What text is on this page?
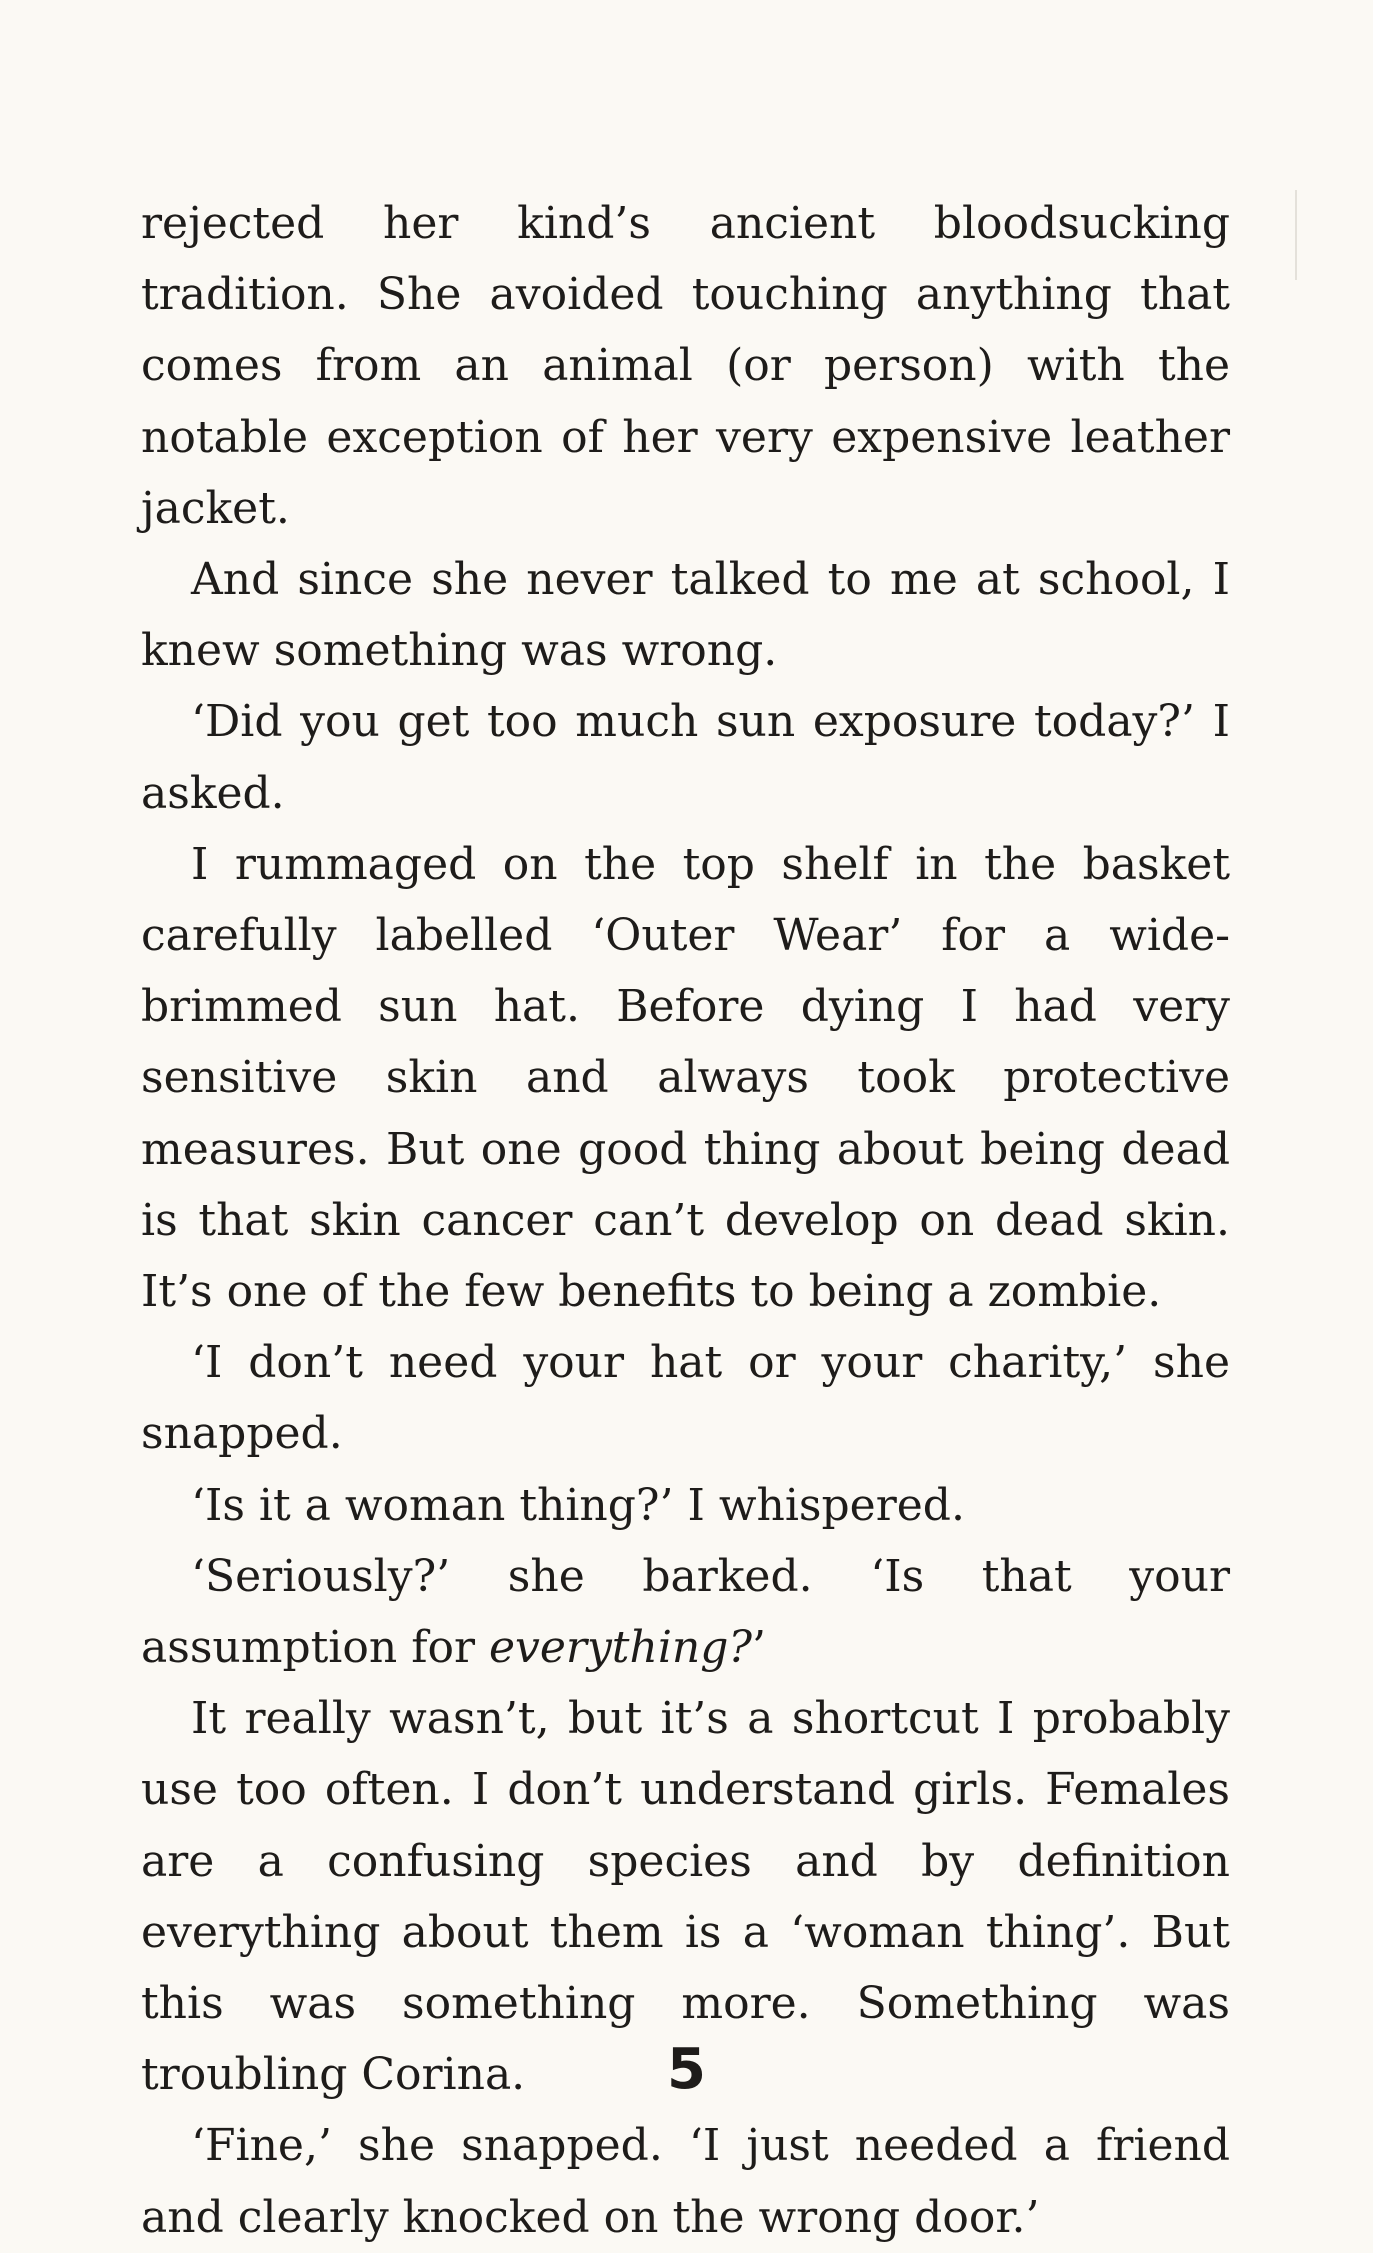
rejected her kind’s ancient bloodsucking tradition. She avoided touching anything that comes from an animal (or person) with the notable exception of her very expensive leather jacket.

And since she never talked to me at school, I knew something was wrong.

‘Did you get too much sun exposure today?’ I asked.

I rummaged on the top shelf in the basket carefully labelled ‘Outer Wear’ for a wide-brimmed sun hat. Before dying I had very sensitive skin and always took protective measures. But one good thing about being dead is that skin cancer can’t develop on dead skin. It’s one of the few benefits to being a zombie.

‘I don’t need your hat or your charity,’ she snapped.

‘Is it a woman thing?’ I whispered.

‘Seriously?’ she barked. ‘Is that your assumption for everything?’

It really wasn’t, but it’s a shortcut I probably use too often. I don’t understand girls. Females are a confusing species and by definition everything about them is a ‘woman thing’. But this was something more. Something was troubling Corina.

‘Fine,’ she snapped. ‘I just needed a friend and clearly knocked on the wrong door.’

5
